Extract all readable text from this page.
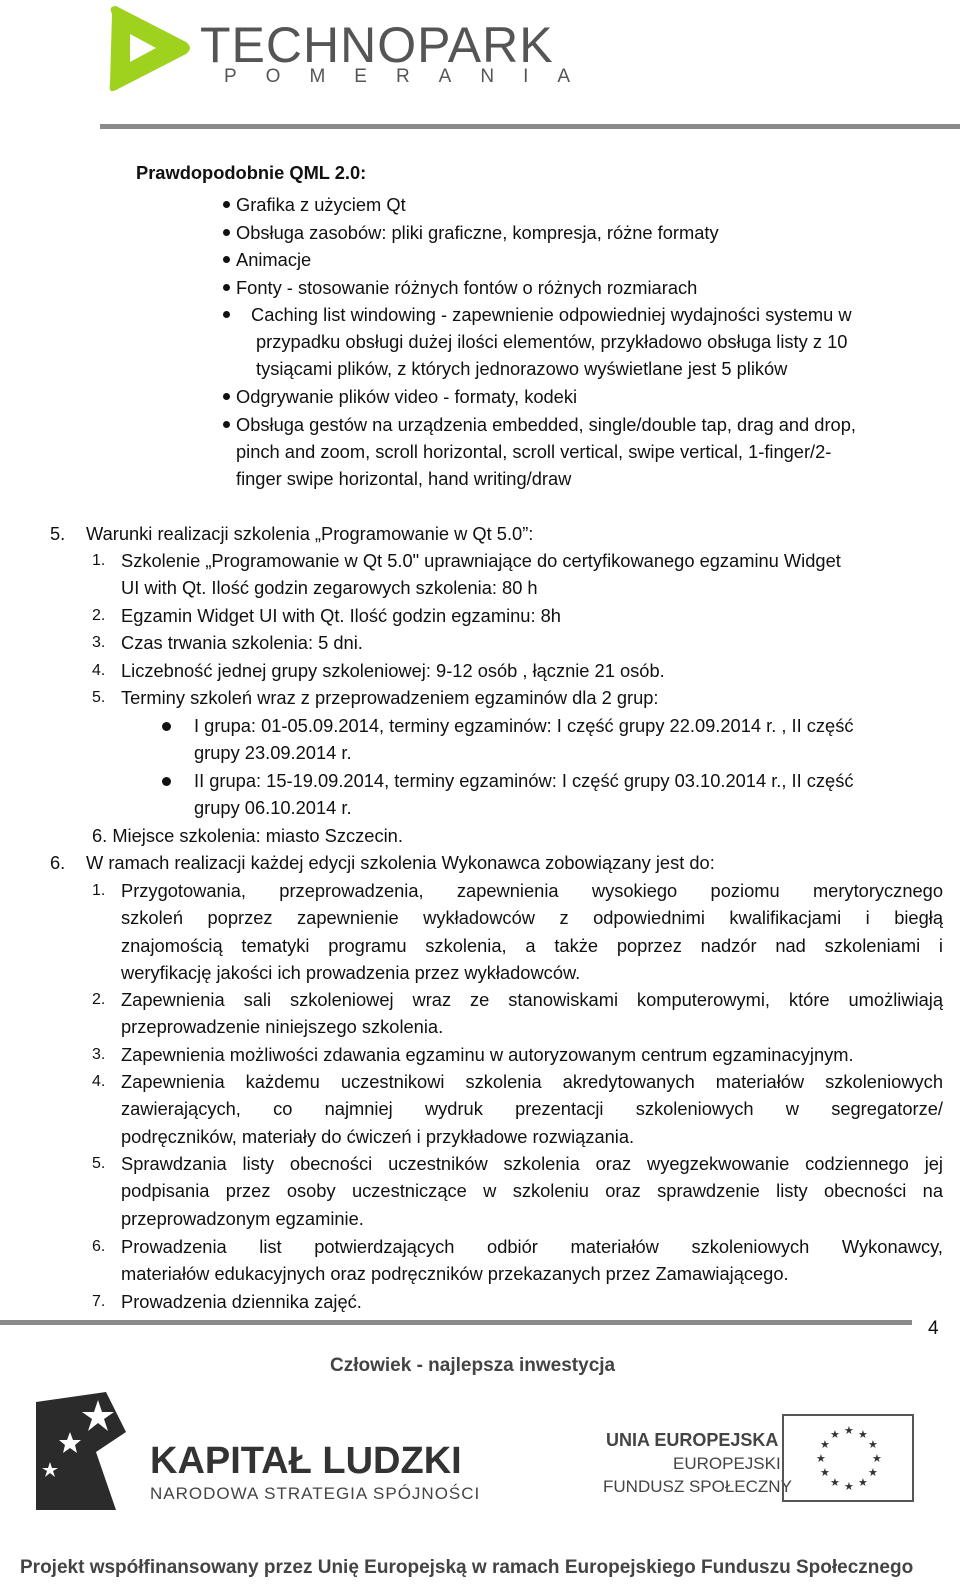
TECHNOPARK
POMERANIA
Prawdopodobnie QML 2.0:
Grafika z użyciem Qt
Obsługa zasobów: pliki graficzne, kompresja, różne formaty
Animacje
Fonty - stosowanie różnych fontów o różnych rozmiarach
Caching list windowing - zapewnienie odpowiedniej wydajności systemu w
przypadku obsługi dużej ilości elementów, przykładowo obsługa listy z 10
tysiącami plików, z których jednorazowo wyświetlane jest 5 plików
Odgrywanie plików video - formaty, kodeki
Obsługa gestów na urządzenia embedded, single/double tap, drag and drop,
pinch and zoom, scroll horizontal, scroll vertical, swipe vertical, 1-finger/2-
finger swipe horizontal, hand writing/draw
5. Warunki realizacji szkolenia „Programowanie w Qt 5.0”:
1. Szkolenie „Programowanie w Qt 5.0" uprawniające do certyfikowanego egzaminu Widget
UI with Qt. Ilość godzin zegarowych szkolenia: 80 h
2. Egzamin Widget UI with Qt. Ilość godzin egzaminu: 8h
3. Czas trwania szkolenia: 5 dni.
4. Liczebność jednej grupy szkoleniowej: 9-12 osób , łącznie 21 osób.
5. Terminy szkoleń wraz z przeprowadzeniem egzaminów dla 2 grup:
I grupa: 01-05.09.2014, terminy egzaminów: I część grupy 22.09.2014 r. , II część
grupy 23.09.2014 r.
II grupa: 15-19.09.2014, terminy egzaminów: I część grupy 03.10.2014 r., II część
grupy 06.10.2014 r.
6. Miejsce szkolenia: miasto Szczecin.
6. W ramach realizacji każdej edycji szkolenia Wykonawca zobowiązany jest do:
1. Przygotowania, przeprowadzenia, zapewnienia wysokiego poziomu merytorycznego
szkoleń poprzez zapewnienie wykładowców z odpowiednimi kwalifikacjami i biegłą
znajomością tematyki programu szkolenia, a także poprzez nadzór nad szkoleniami i
weryfikację jakości ich prowadzenia przez wykładowców.
2. Zapewnienia sali szkoleniowej wraz ze stanowiskami komputerowymi, które umożliwiają
przeprowadzenie niniejszego szkolenia.
3. Zapewnienia możliwości zdawania egzaminu w autoryzowanym centrum egzaminacyjnym.
4. Zapewnienia każdemu uczestnikowi szkolenia akredytowanych materiałów szkoleniowych
zawierających, co najmniej wydruk prezentacji szkoleniowych w segregatorze/
podręczników, materiały do ćwiczeń i przykładowe rozwiązania.
5. Sprawdzania listy obecności uczestników szkolenia oraz wyegzekwowanie codziennego jej
podpisania przez osoby uczestniczące w szkoleniu oraz sprawdzenie listy obecności na
przeprowadzonym egzaminie.
6. Prowadzenia list potwierdzających odbiór materiałów szkoleniowych Wykonawcy,
materiałów edukacyjnych oraz podręczników przekazanych przez Zamawiającego.
7. Prowadzenia dziennika zajęć.
4
Człowiek - najlepsza inwestycja
KAPITAŁ LUDZKI
NARODOWA STRATEGIA SPÓJNOŚCI
UNIA EUROPEJSKA
EUROPEJSKI
FUNDUSZ SPOŁECZNY
★ ★
★
★
★
★
★
★
★
★
★
★
Projekt współfinansowany przez Unię Europejską w ramach Europejskiego Funduszu Społecznego
